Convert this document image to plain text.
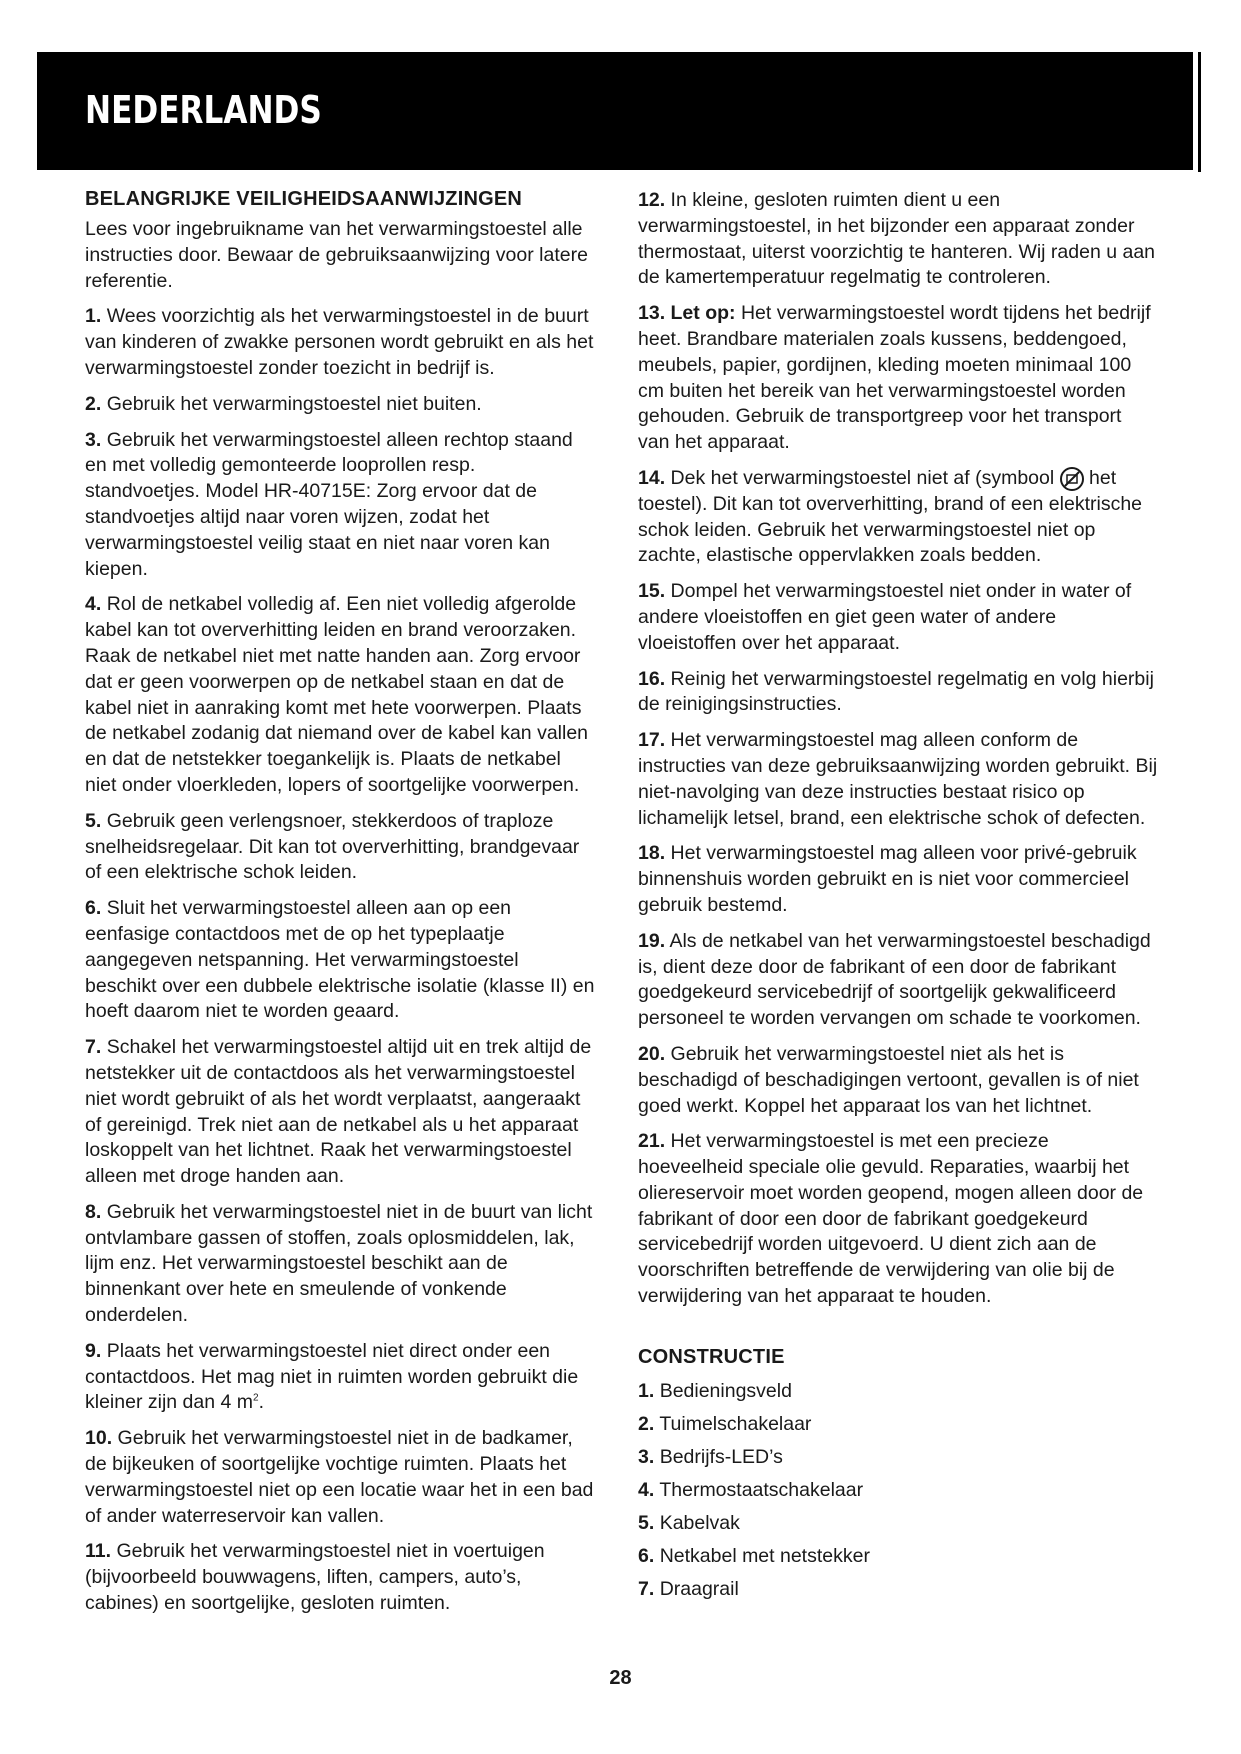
NEDERLANDS
BELANGRIJKE VEILIGHEIDSAANWIJZINGEN

Lees voor ingebruikname van het verwarmingstoestel alle instructies door. Bewaar de gebruiksaanwijzing voor latere referentie.

1. Wees voorzichtig als het verwarmingstoestel in de buurt van kinderen of zwakke personen wordt gebruikt en als het verwarmingstoestel zonder toezicht in bedrijf is.

2. Gebruik het verwarmingstoestel niet buiten.

3. Gebruik het verwarmingstoestel alleen rechtop staand en met volledig gemonteerde looprollen resp. standvoetjes. Model HR-40715E: Zorg ervoor dat de standvoetjes altijd naar voren wijzen, zodat het verwarmingstoestel veilig staat en niet naar voren kan kiepen.

4. Rol de netkabel volledig af. Een niet volledig afgerolde kabel kan tot oververhitting leiden en brand veroorzaken. Raak de netkabel niet met natte handen aan. Zorg ervoor dat er geen voorwerpen op de netkabel staan en dat de kabel niet in aanraking komt met hete voorwerpen. Plaats de netkabel zodanig dat niemand over de kabel kan vallen en dat de netstekker toegankelijk is. Plaats de netkabel niet onder vloerkleden, lopers of soortgelijke voorwerpen.

5. Gebruik geen verlengsnoer, stekkerdoos of traploze snelheidsregelaar. Dit kan tot oververhitting, brandgevaar of een elektrische schok leiden.

6. Sluit het verwarmingstoestel alleen aan op een eenfasige contactdoos met de op het typeplaatje aangegeven netspanning. Het verwarmingstoestel beschikt over een dubbele elektrische isolatie (klasse II) en hoeft daarom niet te worden geaard.

7. Schakel het verwarmingstoestel altijd uit en trek altijd de netstekker uit de contactdoos als het verwarmingstoestel niet wordt gebruikt of als het wordt verplaatst, aangeraakt of gereinigd. Trek niet aan de netkabel als u het apparaat loskoppelt van het lichtnet. Raak het verwarmingstoestel alleen met droge handen aan.

8. Gebruik het verwarmingstoestel niet in de buurt van licht ontvlambare gassen of stoffen, zoals oplosmiddelen, lak, lijm enz. Het verwarmingstoestel beschikt aan de binnenkant over hete en smeulende of vonkende onderdelen.

9. Plaats het verwarmingstoestel niet direct onder een contactdoos. Het mag niet in ruimten worden gebruikt die kleiner zijn dan 4 $m^2$.

10. Gebruik het verwarmingstoestel niet in de badkamer, de bijkeuken of soortgelijke vochtige ruimten. Plaats het verwarmingstoestel niet op een locatie waar het in een bad of ander waterreservoir kan vallen.

11. Gebruik het verwarmingstoestel niet in voertuigen (bijvoorbeeld bouwwagens, liften, campers, auto’s, cabines) en soortgelijke, gesloten ruimten.

12. In kleine, gesloten ruimten dient u een verwarmingstoestel, in het bijzonder een apparaat zonder thermostaat, uiterst voorzichtig te hanteren. Wij raden u aan de kamertemperatuur regelmatig te controleren.

13. Let op: Het verwarmingstoestel wordt tijdens het bedrijf heet. Brandbare materialen zoals kussens, beddengoed, meubels, papier, gordijnen, kleding moeten minimaal 100 cm buiten het bereik van het verwarmingstoestel worden gehouden. Gebruik de transportgreep voor het transport van het apparaat.

14. Dek het verwarmingstoestel niet af (symbool het toestel). Dit kan tot oververhitting, brand of een elektrische schok leiden. Gebruik het verwarmingstoestel niet op zachte, elastische oppervlakken zoals bedden.

15. Dompel het verwarmingstoestel niet onder in water of andere vloeistoffen en giet geen water of andere vloeistoffen over het apparaat.

16. Reinig het verwarmingstoestel regelmatig en volg hierbij de reinigingsinstructies.

17. Het verwarmingstoestel mag alleen conform de instructies van deze gebruiksaanwijzing worden gebruikt. Bij niet-navolging van deze instructies bestaat risico op lichamelijk letsel, brand, een elektrische schok of defecten.

18. Het verwarmingstoestel mag alleen voor privé-gebruik binnenshuis worden gebruikt en is niet voor commercieel gebruik bestemd.

19. Als de netkabel van het verwarmingstoestel beschadigd is, dient deze door de fabrikant of een door de fabrikant goedgekeurd servicebedrijf of soortgelijk gekwalificeerd personeel te worden vervangen om schade te voorkomen.

20. Gebruik het verwarmingstoestel niet als het is beschadigd of beschadigingen vertoont, gevallen is of niet goed werkt. Koppel het apparaat los van het lichtnet.

21. Het verwarmingstoestel is met een precieze hoeveelheid speciale olie gevuld. Reparaties, waarbij het oliereservoir moet worden geopend, mogen alleen door de fabrikant of door een door de fabrikant goedgekeurd servicebedrijf worden uitgevoerd. U dient zich aan de voorschriften betreffende de verwijdering van olie bij de verwijdering van het apparaat te houden.

CONSTRUCTIE

1. Bedieningsveld

2. Tuimelschakelaar

3. Bedrijfs-LED’s

4. Thermostaatschakelaar

5. Kabelvak

6. Netkabel met netstekker

7. Draagrail

28
